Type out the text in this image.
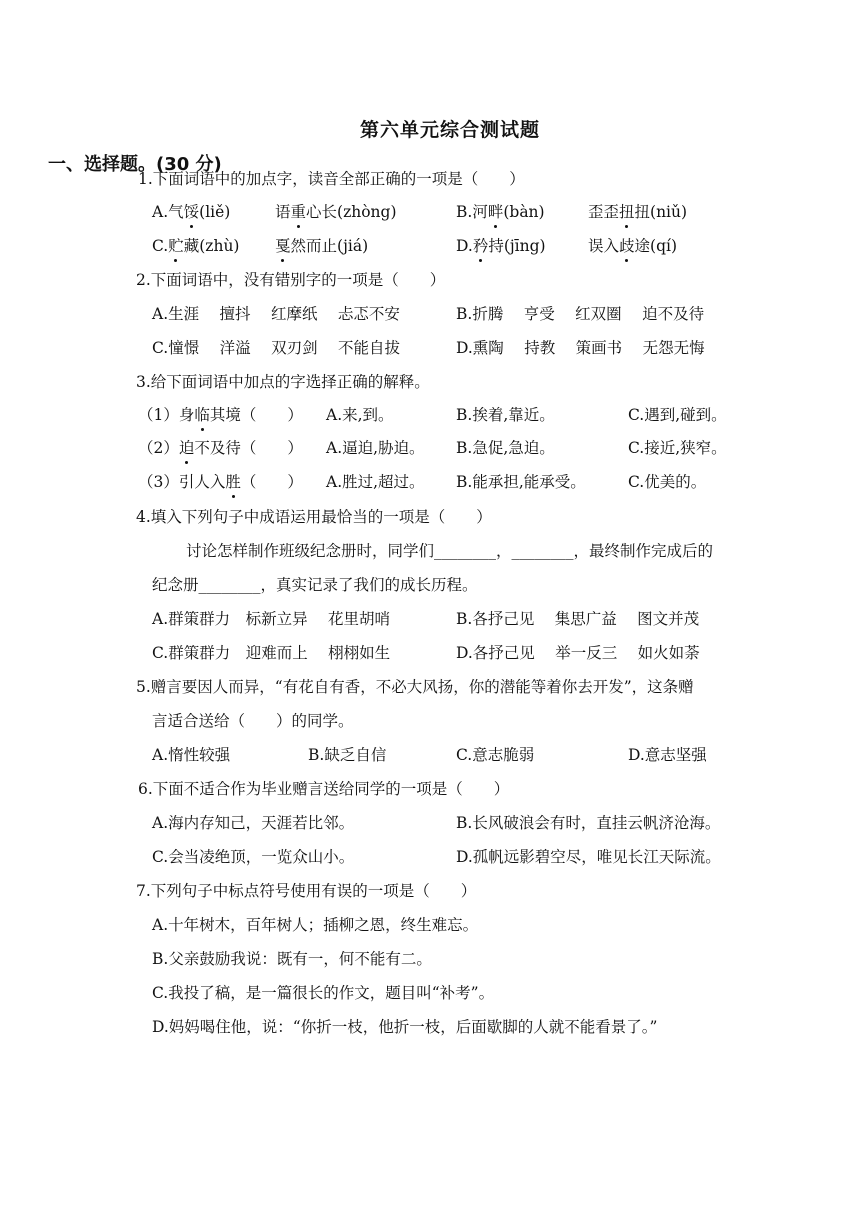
第六单元综合测试题
一、选择题。(30 分)
1.下面词语中的加点字，读音全部正确的一项是（　　）
A.气馁(liě)	语重心长(zhòng)	B.河畔(bàn)	歪歪扭扭(niǔ)
C.贮藏(zhù) 戛然而止(jiá)	D.矜持(jīng)	误入歧途(qí)
2.下面词语中，没有错别字的一项是（　　）
A.生涯　 擅抖　 红摩纸　 忐忑不安	B.折腾　 亨受　 红双圈　 迫不及待
C.憧憬　 洋溢　 双刃剑　 不能自拔	D.熏陶　 持教　 策画书　 无怨无悔
3.给下面词语中加点的字选择正确的解释。
（1）身临其境（　　） A.来,到。	B.挨着,靠近。	C.遇到,碰到。
（2）迫不及待（　　） A.逼迫,胁迫。 B.急促,急迫。	C.接近,狭窄。
（3）引人入胜（　　） A.胜过,超过。 B.能承担,能承受。	C.优美的。
4.填入下列句子中成语运用最恰当的一项是（　　）
讨论怎样制作班级纪念册时，同学们________，________，最终制作完成后的
纪念册________，真实记录了我们的成长历程。
A.群策群力　标新立异　 花里胡哨	B.各抒己见　 集思广益　 图文并茂
C.群策群力　迎难而上　 栩栩如生	D.各抒己见　 举一反三　 如火如荼
5.赠言要因人而异，“有花自有香，不必大风扬，你的潜能等着你去开发”，这条赠
言适合送给（　　）的同学。
A.惰性较强	B.缺乏自信	C.意志脆弱	D.意志坚强
6.下面不适合作为毕业赠言送给同学的一项是（　　）
A.海内存知己，天涯若比邻。	B.长风破浪会有时，直挂云帆济沧海。
C.会当凌绝顶，一览众山小。	D.孤帆远影碧空尽，唯见长江天际流。
7.下列句子中标点符号使用有误的一项是（　　）
A.十年树木，百年树人；插柳之恩，终生难忘。
B.父亲鼓励我说：既有一，何不能有二。
C.我投了稿，是一篇很长的作文，题目叫“补考”。
D.妈妈喝住他，说：“你折一枝，他折一枝，后面歇脚的人就不能看景了。”
